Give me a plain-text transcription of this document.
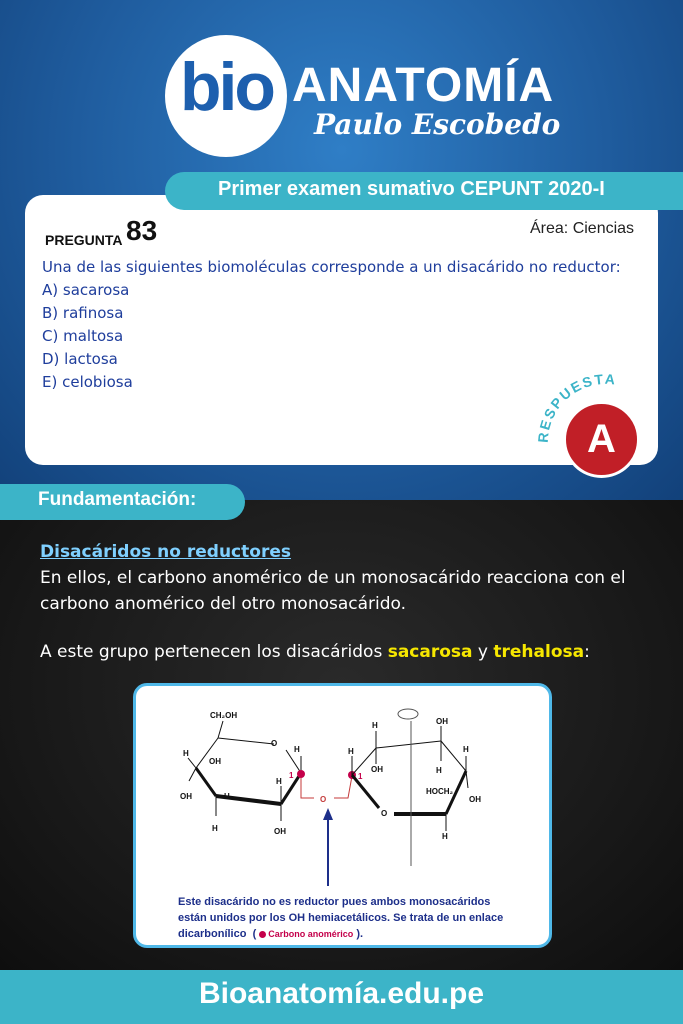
bio ANATOMÍA
Paulo Escobedo
Primer examen sumativo CEPUNT 2020-I
PREGUNTA 83	Área: Ciencias
Una de las siguientes biomoléculas corresponde a un disacárido no reductor:
A) sacarosa
B) rafinosa
C) maltosa
D) lactosa
E) celobiosa
RESPUESTA
A
Fundamentación:
Disacáridos no reductores
En ellos, el carbono anomérico de un monosacárido reacciona con el
carbono anomérico del otro monosacárido.
A este grupo pertenecen los disacáridos sacarosa y trehalosa:
CH₂OH
O
H
H
OH
OH	H
H
H	OH
1
O
H	OH
H
OH	H
H
HOCH₂
OH
O
H
1
Este disacárido no es reductor pues ambos monosacáridos
están unidos por los OH hemiacetálicos. Se trata de un enlace
dicarbonílico  ( Carbono anomérico ).
Bioanatomía.edu.pe
